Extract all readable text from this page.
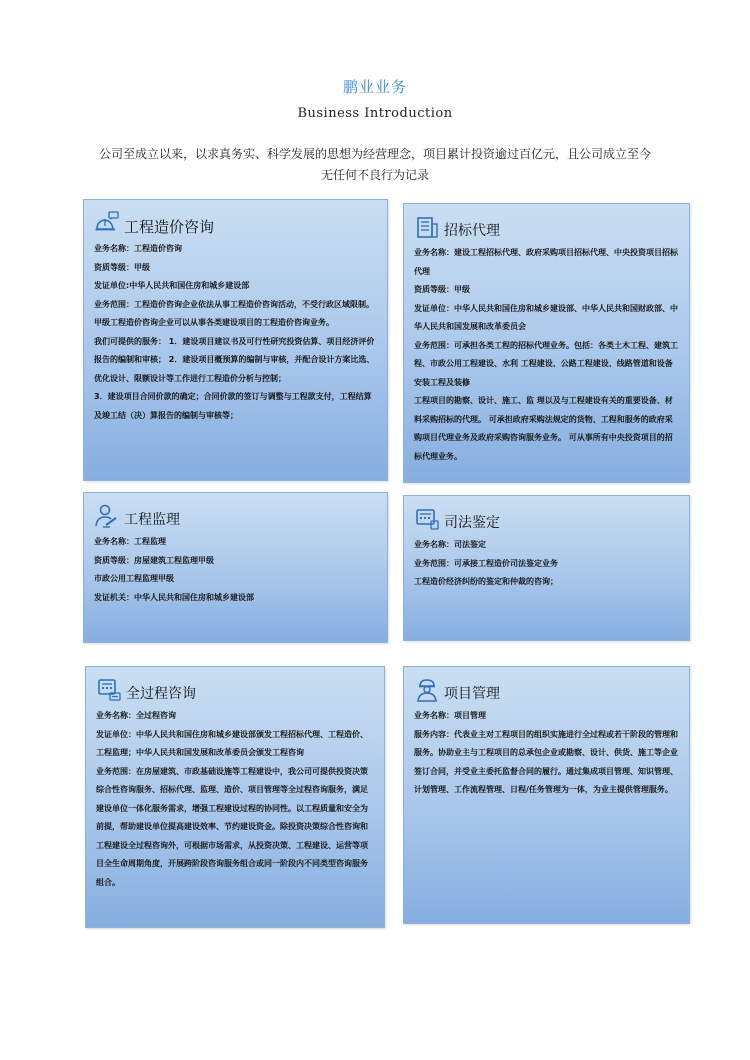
鹏业业务
Business Introduction
公司至成立以来，以求真务实、科学发展的思想为经营理念，项目累计投资逾过百亿元，且公司成立至今
无任何不良行为记录
工程造价咨询
业务名称：工程造价咨询
资质等级：甲级
发证单位:中华人民共和国住房和城乡建设部
业务范围：工程造价咨询企业依法从事工程造价咨询活动，不受行政区域限制。甲级工程造价咨询企业可以从事各类建设项目的工程造价咨询业务。
我们可提供的服务： 1．建设项目建议书及可行性研究投资估算、项目经济评价报告的编制和审核； 2．建设项目概预算的编制与审核，并配合设计方案比选、优化设计、限额设计等工作进行工程造价分析与控制；
3．建设项目合同价款的确定；合同价款的签订与调整与工程款支付，工程结算及竣工结（决）算报告的编制与审核等；
招标代理
业务名称：建设工程招标代理、政府采购项目招标代理、中央投资项目招标代理
资质等级：甲级
发证单位：中华人民共和国住房和城乡建设部、中华人民共和国财政部、中华人民共和国发展和改革委员会
业务范围：可承担各类工程的招标代理业务。包括：各类土木工程、建筑工程、市政公用工程建设、水利 工程建设、公路工程建设、线路管道和设备安装工程及装修
工程项目的勘察、设计、施工、监 理以及与工程建设有关的重要设备、材料采购招标的代理。 可承担政府采购法规定的货物、工程和服务的政府采购项目代理业务及政府采购咨询服务业务。 可从事所有中央投资项目的招标代理业务。
工程监理
业务名称：工程监理
资质等级：房屋建筑工程监理甲级
市政公用工程监理甲级
发证机关：中华人民共和国住房和城乡建设部
司法鉴定
业务名称：司法鉴定
业务范围：可承接工程造价司法鉴定业务
工程造价经济纠纷的鉴定和仲裁的咨询；
全过程咨询
业务名称：全过程咨询
发证单位：中华人民共和国住房和城乡建设部颁发工程招标代理、工程造价、工程监理；中华人民共和国发展和改革委员会颁发工程咨询
业务范围：在房屋建筑、市政基础设施等工程建设中，我公司可提供投资决策综合性咨询服务、招标代理、监理、造价、项目管理等全过程咨询服务，满足建设单位一体化服务需求，增强工程建设过程的协同性。以工程质量和安全为前提，帮助建设单位提高建设效率、节约建设资金。除投资决策综合性咨询和工程建设全过程咨询外，可根据市场需求，从投资决策、工程建设、运营等项目全生命周期角度，开展跨阶段咨询服务组合或同一阶段内不同类型咨询服务组合。
项目管理
业务名称：项目管理
服务内容：代表业主对工程项目的组织实施进行全过程或若干阶段的管理和服务。协助业主与工程项目的总承包企业或勘察、设计、供货、施工等企业签订合同，并受业主委托监督合同的履行。通过集成项目管理、知识管理、计划管理、工作流程管理、日程/任务管理为一体，为业主提供管理服务。
